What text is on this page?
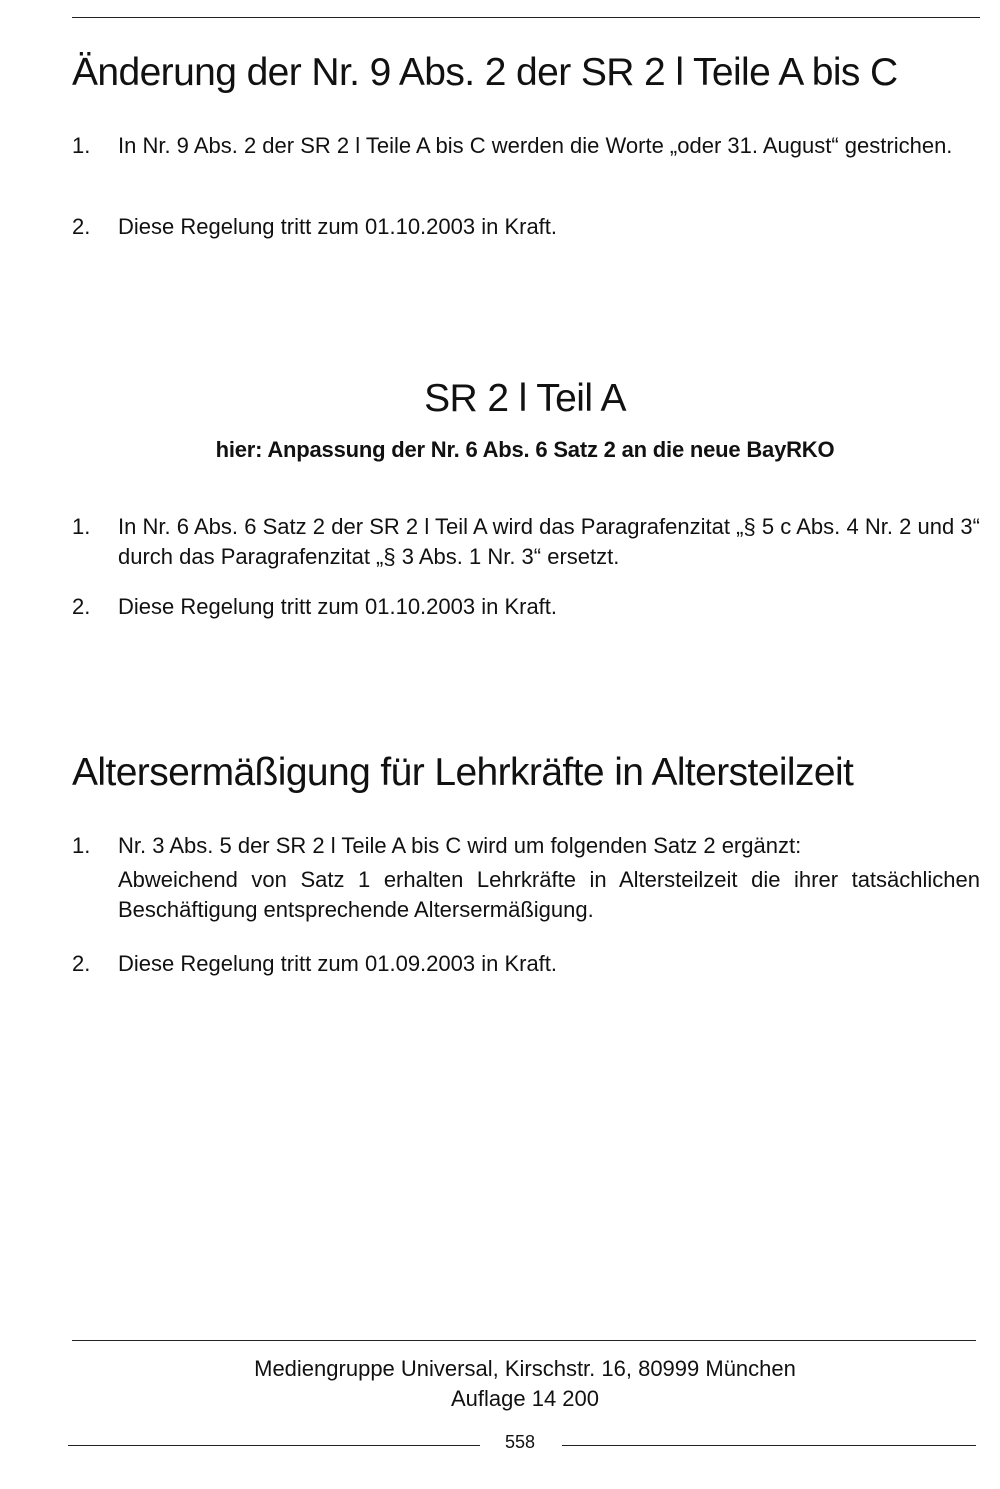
Änderung der Nr. 9 Abs. 2 der SR 2 l Teile A bis C
1.	In Nr. 9 Abs. 2 der SR 2 l Teile A bis C werden die Worte „oder 31. August“ gestrichen.
2.	Diese Regelung tritt zum 01.10.2003 in Kraft.
SR 2 l Teil A
hier: Anpassung der Nr. 6 Abs. 6 Satz 2 an die neue BayRKO
1.	In Nr. 6 Abs. 6 Satz 2 der SR 2 l Teil A wird das Paragrafenzitat „§ 5 c Abs. 4 Nr. 2 und 3“ durch das Paragrafenzitat „§ 3 Abs. 1 Nr. 3“ ersetzt.
2.	Diese Regelung tritt zum 01.10.2003 in Kraft.
Altersermäßigung für Lehrkräfte in Altersteilzeit
1.	Nr. 3 Abs. 5 der SR 2 l Teile A bis C wird um folgenden Satz 2 ergänzt:
Abweichend von Satz 1 erhalten Lehrkräfte in Altersteilzeit die ihrer tatsächlichen Beschäftigung entsprechende Altersermäßigung.
2.	Diese Regelung tritt zum 01.09.2003 in Kraft.
Mediengruppe Universal, Kirschstr. 16, 80999 München
Auflage 14 200
558
